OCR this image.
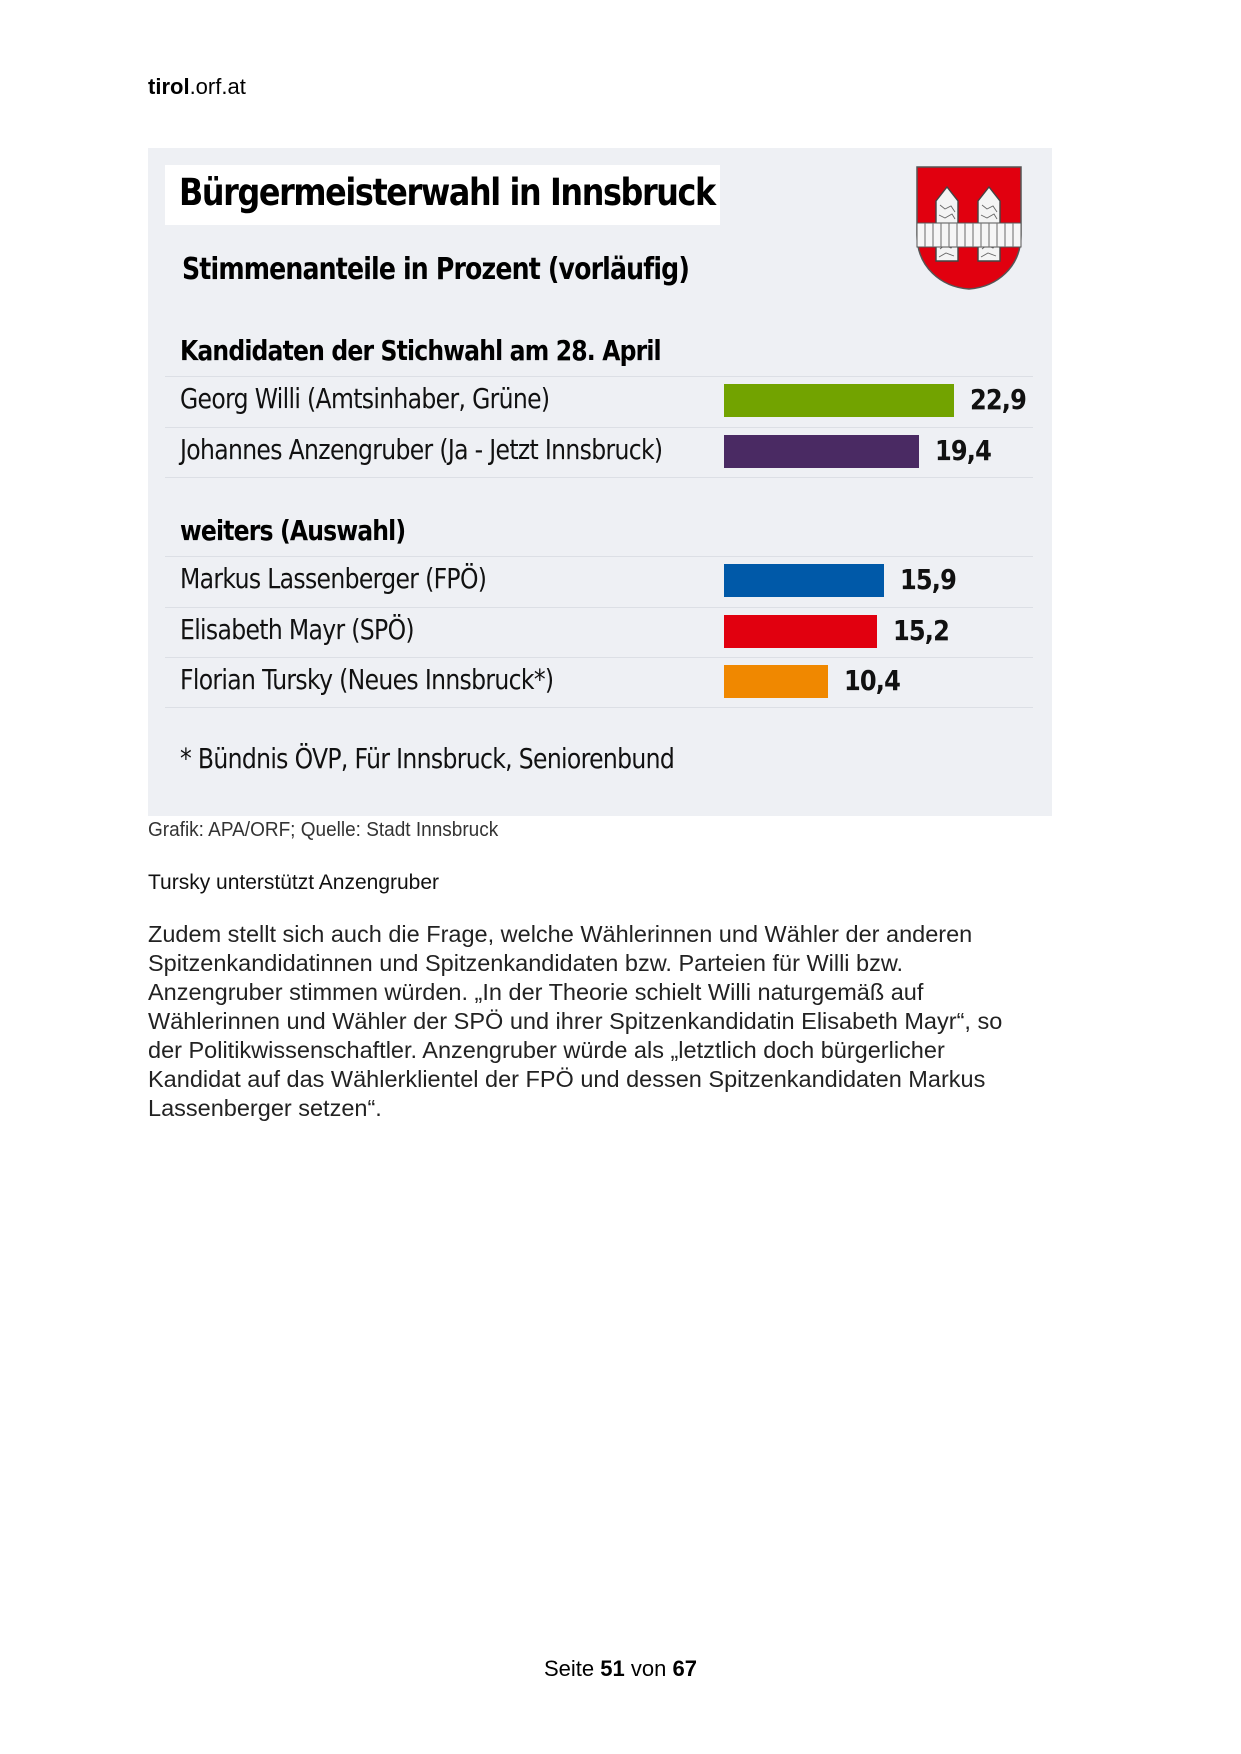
tirol.orf.at
Bürgermeisterwahl in Innsbruck
Stimmenanteile in Prozent (vorläufig)
Kandidaten der Stichwahl am 28. April
Georg Willi (Amtsinhaber, Grüne)	22,9
Johannes Anzengruber (Ja - Jetzt Innsbruck)	19,4
weiters (Auswahl)
Markus Lassenberger (FPÖ)	15,9
Elisabeth Mayr (SPÖ)	15,2
Florian Tursky (Neues Innsbruck*)	10,4
* Bündnis ÖVP, Für Innsbruck, Seniorenbund
Grafik: APA/ORF; Quelle: Stadt Innsbruck
Tursky unterstützt Anzengruber
Zudem stellt sich auch die Frage, welche Wählerinnen und Wähler der anderen
Spitzenkandidatinnen und Spitzenkandidaten bzw. Parteien für Willi bzw.
Anzengruber stimmen würden. „In der Theorie schielt Willi naturgemäß auf
Wählerinnen und Wähler der SPÖ und ihrer Spitzenkandidatin Elisabeth Mayr“, so
der Politikwissenschaftler. Anzengruber würde als „letztlich doch bürgerlicher
Kandidat auf das Wählerklientel der FPÖ und dessen Spitzenkandidaten Markus
Lassenberger setzen“.
Seite 51 von 67
